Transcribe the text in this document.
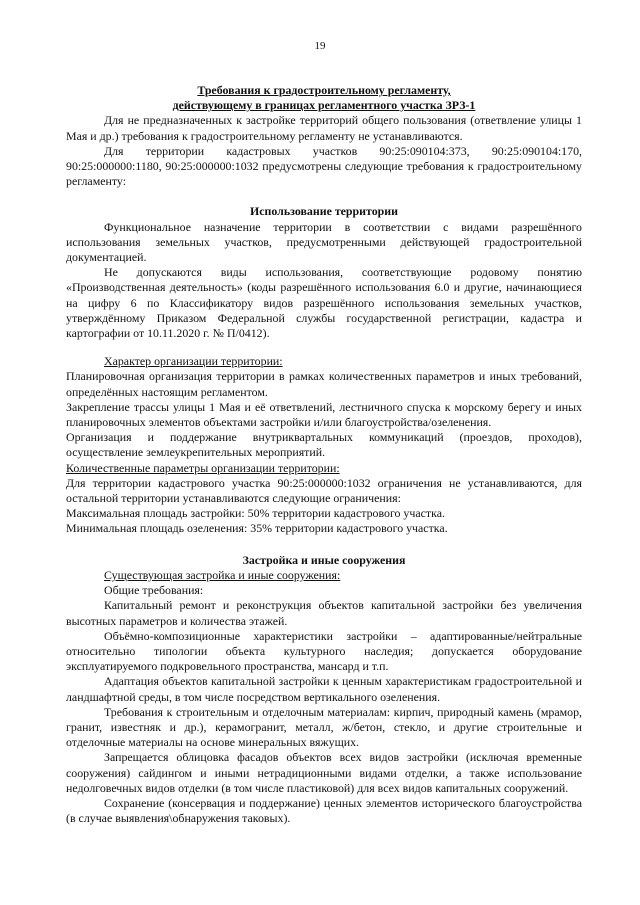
19

Требования к градостроительному регламенту,

действующему в границах регламентного участка ЗРЗ-1

Для не предназначенных к застройке территорий общего пользования (ответвление улицы 1 Мая и др.) требования к градостроительному регламенту не устанавливаются.

Для территории кадастровых участков 90:25:090104:373, 90:25:090104:170, 90:25:000000:1180, 90:25:000000:1032 предусмотрены следующие требования к градостроительному регламенту:

Использование территории

Функциональное назначение территории в соответствии с видами разрешённого использования земельных участков, предусмотренными действующей градостроительной документацией.

Не допускаются виды использования, соответствующие родовому понятию «Производственная деятельность» (коды разрешённого использования 6.0 и другие, начинающиеся на цифру 6 по Классификатору видов разрешённого использования земельных участков, утверждённому Приказом Федеральной службы государственной регистрации, кадастра и картографии от 10.11.2020 г. № П/0412).

Характер организации территории:

Планировочная организация территории в рамках количественных параметров и иных требований, определённых настоящим регламентом.

Закрепление трассы улицы 1 Мая и её ответвлений, лестничного спуска к морскому берегу и иных планировочных элементов объектами застройки и/или благоустройства/озеленения.

Организация и поддержание внутриквартальных коммуникаций (проездов, проходов), осуществление землеукрепительных мероприятий.

Количественные параметры организации территории:

Для территории кадастрового участка 90:25:000000:1032 ограничения не устанавливаются, для остальной территории устанавливаются следующие ограничения:

Максимальная площадь застройки: 50% территории кадастрового участка.

Минимальная площадь озеленения: 35% территории кадастрового участка.

Застройка и иные сооружения

Существующая застройка и иные сооружения:

Общие требования:

Капитальный ремонт и реконструкция объектов капитальной застройки без увеличения высотных параметров и количества этажей.

Объёмно-композиционные характеристики застройки – адаптированные/нейтральные относительно типологии объекта культурного наследия; допускается оборудование эксплуатируемого подкровельного пространства, мансард и т.п.

Адаптация объектов капитальной застройки к ценным характеристикам градостроительной и ландшафтной среды, в том числе посредством вертикального озеленения.

Требования к строительным и отделочным материалам: кирпич, природный камень (мрамор, гранит, известняк и др.), керамогранит, металл, ж/бетон, стекло, и другие строительные и отделочные материалы на основе минеральных вяжущих.

Запрещается облицовка фасадов объектов всех видов застройки (исключая временные сооружения) сайдингом и иными нетрадиционными видами отделки, а также использование недолговечных видов отделки (в том числе пластиковой) для всех видов капитальных сооружений.

Сохранение (консервация и поддержание) ценных элементов исторического благоустройства (в случае выявления\обнаружения таковых).
